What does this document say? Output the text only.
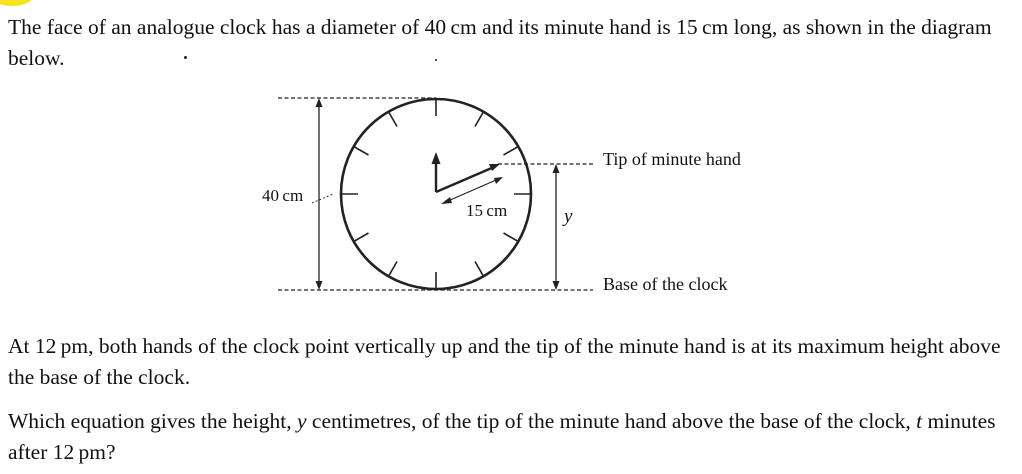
The face of an analogue clock has a diameter of 40 cm and its minute hand is 15 cm long, as shown in the diagram below.

40 cm
15 cm	y
Tip of minute hand
Base of the clock

At 12 pm, both hands of the clock point vertically up and the tip of the minute hand is at its maximum height above the base of the clock.

Which equation gives the height, y centimetres, of the tip of the minute hand above the base of the clock, t minutes after 12 pm?
